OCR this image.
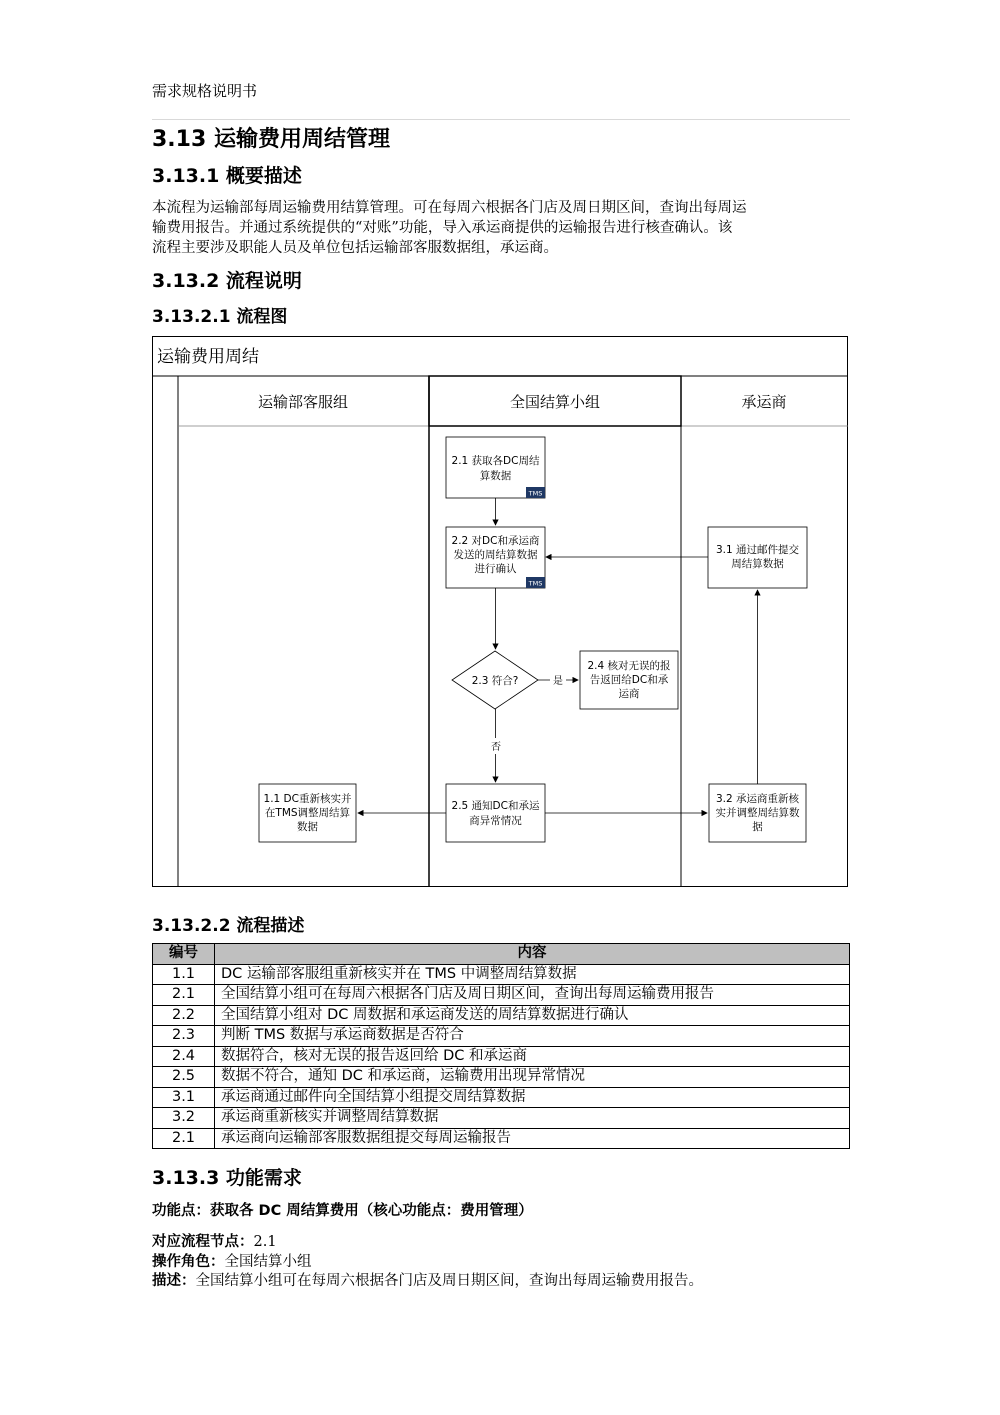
需求规格说明书
3.13 运输费用周结管理
3.13.1 概要描述
本流程为运输部每周运输费用结算管理。可在每周六根据各门店及周日期区间，查询出每周运
输费用报告。并通过系统提供的“对账”功能，导入承运商提供的运输报告进行核查确认。该
流程主要涉及职能人员及单位包括运输部客服数据组，承运商。
3.13.2 流程说明
3.13.2.1 流程图
运输费用周结
运输部客服组	全国结算小组	承运商
2.1 获取各DC周结
算数据
TMS
2.2 对DC和承运商
发送的周结算数据
进行确认
TMS
2.3 符合?
2.4 核对无误的报
告返回给DC和承
运商
2.5 通知DC和承运
商异常情况
1.1 DC重新核实并
在TMS调整周结算
数据
3.1 通过邮件提交
周结算数据
3.2 承运商重新核
实并调整周结算数
据
是
否
3.13.2.2 流程描述
编号	内容
1.1	DC 运输部客服组重新核实并在 TMS 中调整周结算数据
2.1	全国结算小组可在每周六根据各门店及周日期区间，查询出每周运输费用报告
2.2	全国结算小组对 DC 周数据和承运商发送的周结算数据进行确认
2.3	判断 TMS 数据与承运商数据是否符合
2.4	数据符合，核对无误的报告返回给 DC 和承运商
2.5	数据不符合，通知 DC 和承运商，运输费用出现异常情况
3.1	承运商通过邮件向全国结算小组提交周结算数据
3.2	承运商重新核实并调整周结算数据
2.1	承运商向运输部客服数据组提交每周运输报告
3.13.3 功能需求
功能点：获取各 DC 周结算费用（核心功能点：费用管理）
对应流程节点：2.1
操作角色：全国结算小组
描述：全国结算小组可在每周六根据各门店及周日期区间，查询出每周运输费用报告。
